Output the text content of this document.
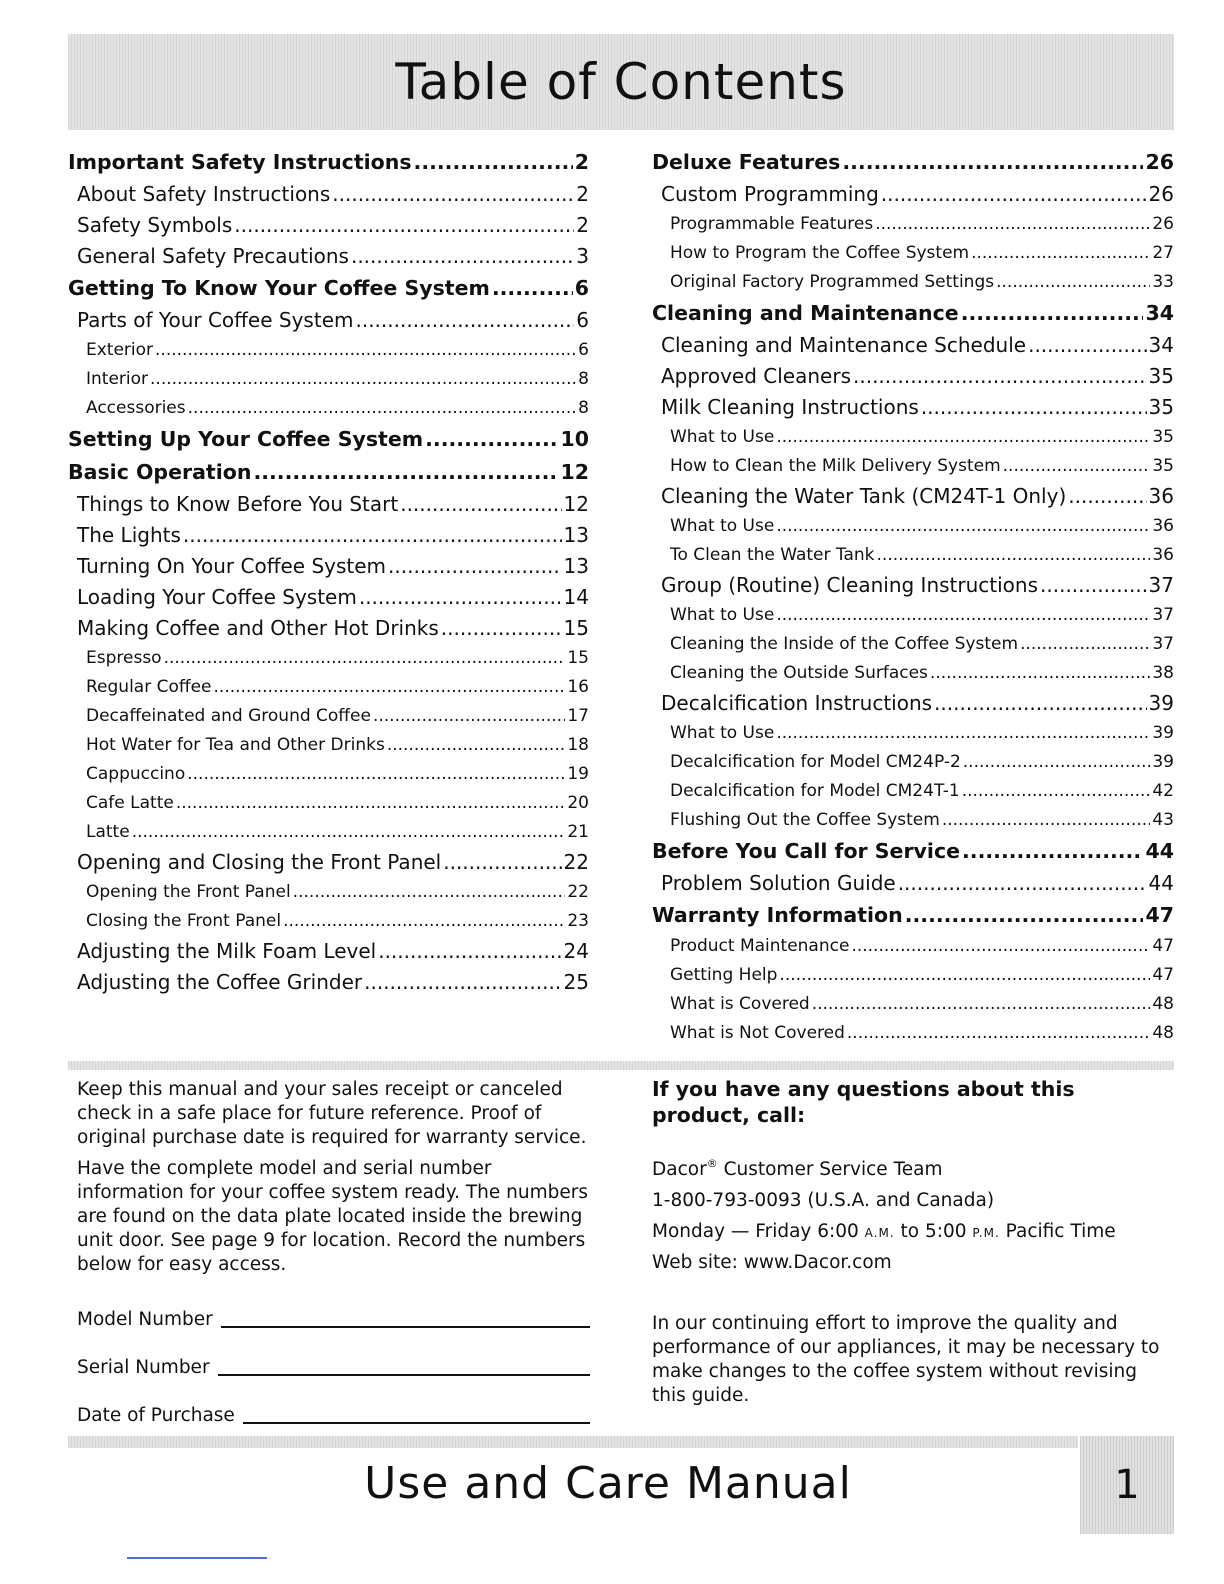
Table of Contents
Important Safety Instructions .....	2
About Safety Instructions .....	2
Safety Symbols .....	2
General Safety Precautions .....	3
Getting To Know Your Coffee System .....	6
Parts of Your Coffee System .....	6
Exterior .....	6
Interior .....	8
Accessories .....	8
Setting Up Your Coffee System .....	10
Basic Operation .....	12
Things to Know Before You Start .....	12
The Lights .....	13
Turning On Your Coffee System .....	13
Loading Your Coffee System .....	14
Making Coffee and Other Hot Drinks .....	15
Espresso .....	15
Regular Coffee .....	16
Decaffeinated and Ground Coffee .....	17
Hot Water for Tea and Other Drinks .....	18
Cappuccino .....	19
Cafe Latte .....	20
Latte .....	21
Opening and Closing the Front Panel .....	22
Opening the Front Panel .....	22
Closing the Front Panel .....	23
Adjusting the Milk Foam Level .....	24
Adjusting the Coffee Grinder .....	25
Deluxe Features .....	26
Custom Programming .....	26
Programmable Features .....	26
How to Program the Coffee System .....	27
Original Factory Programmed Settings .....	33
Cleaning and Maintenance .....	34
Cleaning and Maintenance Schedule .....	34
Approved Cleaners .....	35
Milk Cleaning Instructions .....	35
What to Use .....	35
How to Clean the Milk Delivery System .....	35
Cleaning the Water Tank (CM24T-1 Only) .....	36
What to Use .....	36
To Clean the Water Tank .....	36
Group (Routine) Cleaning Instructions .....	37
What to Use .....	37
Cleaning the Inside of the Coffee System .....	37
Cleaning the Outside Surfaces .....	38
Decalcification Instructions .....	39
What to Use .....	39
Decalcification for Model CM24P-2 .....	39
Decalcification for Model CM24T-1 .....	42
Flushing Out the Coffee System .....	43
Before You Call for Service .....	44
Problem Solution Guide .....	44
Warranty Information .....	47
Product Maintenance .....	47
Getting Help .....	47
What is Covered .....	48
What is Not Covered .....	48

Keep this manual and your sales receipt or canceled check in a safe place for future reference. Proof of original purchase date is required for warranty service.

Have the complete model and serial number information for your coffee system ready. The numbers are found on the data plate located inside the brewing unit door. See page 9 for location. Record the numbers below for easy access.

Model Number
Serial Number
Date of Purchase

If you have any questions about this product, call:

Dacor® Customer Service Team
1-800-793-0093 (U.S.A. and Canada)
Monday — Friday 6:00 A.M. to 5:00 P.M. Pacific Time
Web site: www.Dacor.com

In our continuing effort to improve the quality and performance of our appliances, it may be necessary to make changes to the coffee system without revising this guide.

Use and Care Manual	1
